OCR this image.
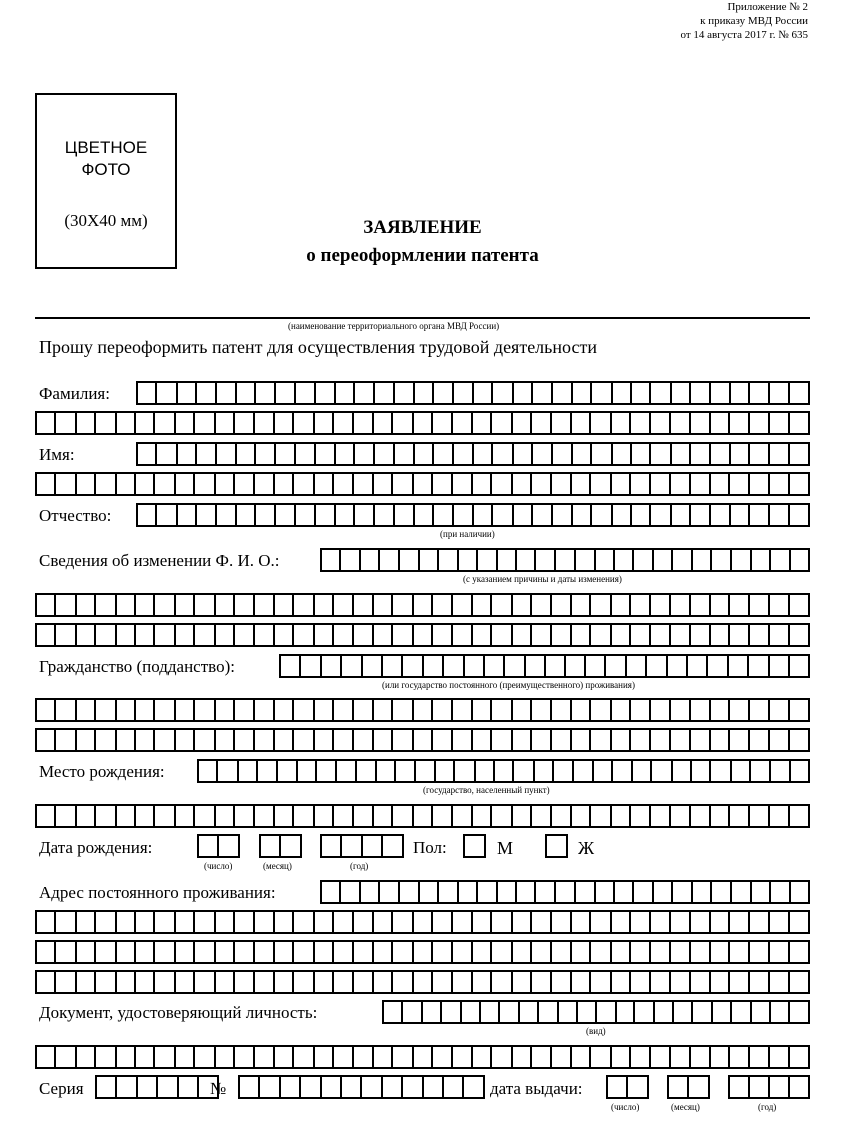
Приложение № 2
к приказу МВД России
от 14 августа 2017 г. № 635
ЦВЕТНОЕ
ФОТО
(30X40 мм)	ЗАЯВЛЕНИЕ
о переоформлении патента
(наименование территориального органа МВД России)
Прошу переоформить патент для осуществления трудовой деятельности
Фамилия:
Имя:
Отчество:
(при наличии)
Сведения об изменении Ф. И. О.:
(с указанием причины и даты изменения)
Гражданство (подданство):
(или государство постоянного (преимущественного) проживания)
Место рождения:
(государство, населенный пункт)
Дата рождения:
(число)	(месяц)	(год)
Пол:	М	Ж
Адрес постоянного проживания:
Документ, удостоверяющий личность:
(вид)
Серия	№	дата выдачи:
(число)	(месяц)	(год)
